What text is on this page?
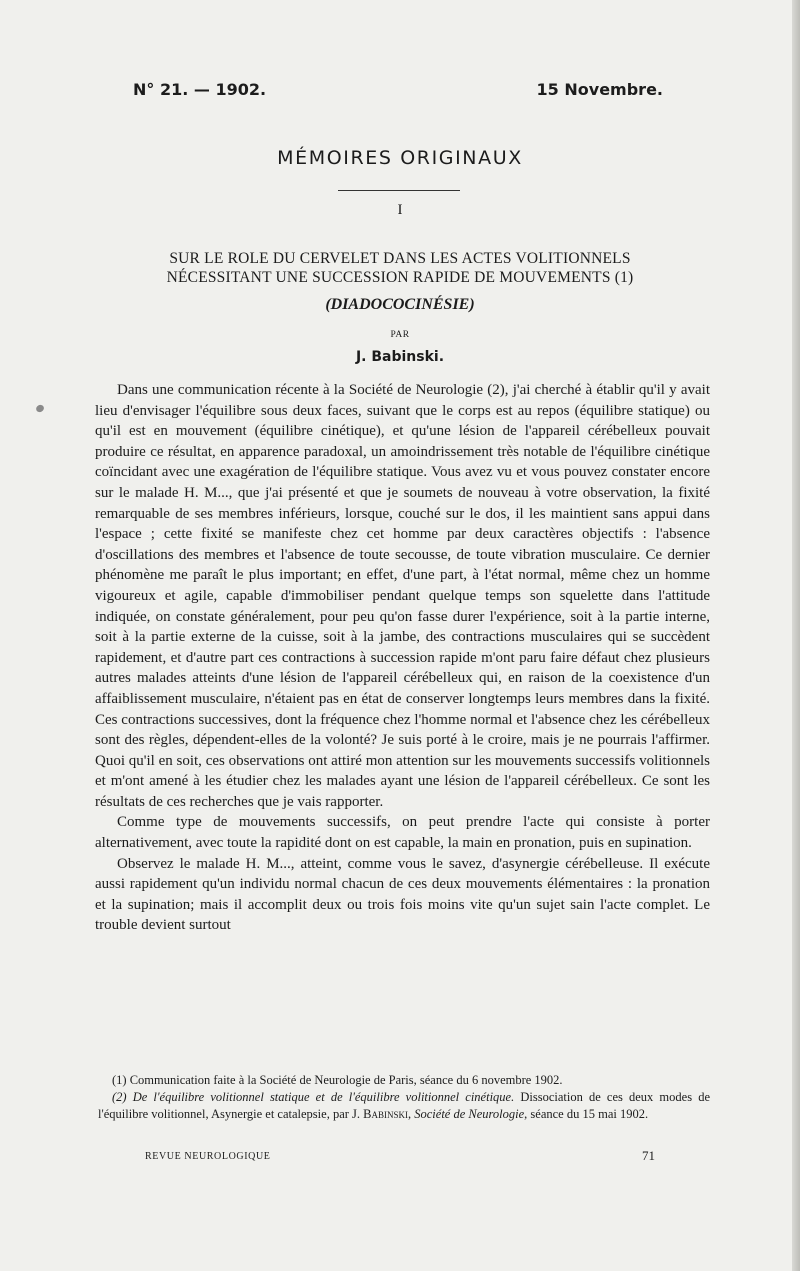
N° 21. — 1902.	15 Novembre.
MÉMOIRES ORIGINAUX
I
SUR LE ROLE DU CERVELET DANS LES ACTES VOLITIONNELS
NÉCESSITANT UNE SUCCESSION RAPIDE DE MOUVEMENTS (1)
(DIADOCOCINÉSIE)
PAR
J. Babinski.

Dans une communication récente à la Société de Neurologie (2), j'ai cherché à établir qu'il y avait lieu d'envisager l'équilibre sous deux faces, suivant que le corps est au repos (équilibre statique) ou qu'il est en mouvement (équilibre cinétique), et qu'une lésion de l'appareil cérébelleux pouvait produire ce résultat, en apparence paradoxal, un amoindrissement très notable de l'équilibre cinétique coïncidant avec une exagération de l'équilibre statique. Vous avez vu et vous pouvez constater encore sur le malade H. M..., que j'ai présenté et que je soumets de nouveau à votre observation, la fixité remarquable de ses membres inférieurs, lorsque, couché sur le dos, il les maintient sans appui dans l'espace ; cette fixité se manifeste chez cet homme par deux caractères objectifs : l'absence d'oscillations des membres et l'absence de toute secousse, de toute vibration musculaire. Ce dernier phénomène me paraît le plus important; en effet, d'une part, à l'état normal, même chez un homme vigoureux et agile, capable d'immobiliser pendant quelque temps son squelette dans l'attitude indiquée, on constate généralement, pour peu qu'on fasse durer l'expérience, soit à la partie interne, soit à la partie externe de la cuisse, soit à la jambe, des contractions musculaires qui se succèdent rapidement, et d'autre part ces contractions à succession rapide m'ont paru faire défaut chez plusieurs autres malades atteints d'une lésion de l'appareil cérébelleux qui, en raison de la coexistence d'un affaiblissement musculaire, n'étaient pas en état de conserver longtemps leurs membres dans la fixité. Ces contractions successives, dont la fréquence chez l'homme normal et l'absence chez les cérébelleux sont des règles, dépendent-elles de la volonté? Je suis porté à le croire, mais je ne pourrais l'affirmer. Quoi qu'il en soit, ces observations ont attiré mon attention sur les mouvements successifs volitionnels et m'ont amené à les étudier chez les malades ayant une lésion de l'appareil cérébelleux. Ce sont les résultats de ces recherches que je vais rapporter.

Comme type de mouvements successifs, on peut prendre l'acte qui consiste à porter alternativement, avec toute la rapidité dont on est capable, la main en pronation, puis en supination.

Observez le malade H. M..., atteint, comme vous le savez, d'asynergie cérébelleuse. Il exécute aussi rapidement qu'un individu normal chacun de ces deux mouvements élémentaires : la pronation et la supination; mais il accomplit deux ou trois fois moins vite qu'un sujet sain l'acte complet. Le trouble devient surtout

(1) Communication faite à la Société de Neurologie de Paris, séance du 6 novembre 1902.

(2) De l'équilibre volitionnel statique et de l'équilibre volitionnel cinétique. Dissociation de ces deux modes de l'équilibre volitionnel, Asynergie et catalepsie, par J. Babinski, Société de Neurologie, séance du 15 mai 1902.

REVUE NEUROLOGIQUE	71
